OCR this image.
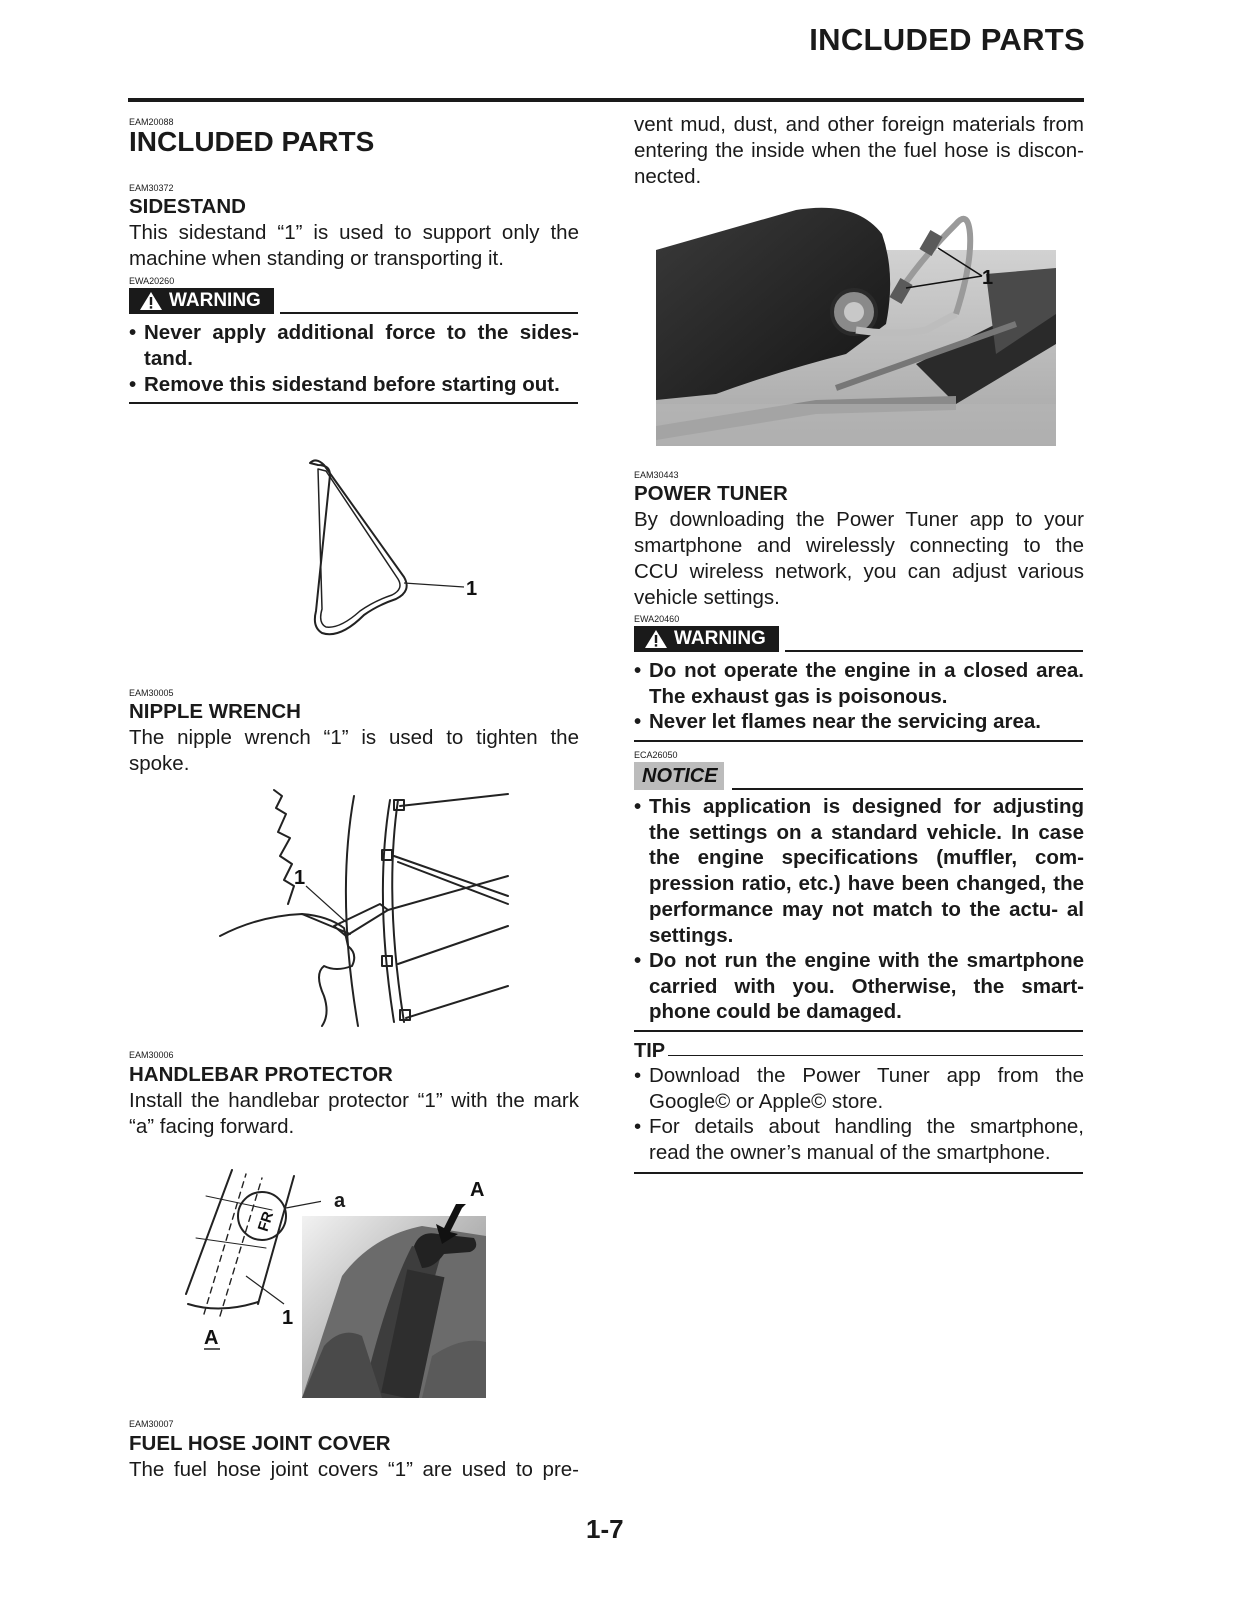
INCLUDED PARTS
EAM20088
INCLUDED PARTS
EAM30372
SIDESTAND
This sidestand “1” is used to support only the machine when standing or transporting it.
EWA20260
WARNING
• Never apply additional force to the sides- tand.
• Remove this sidestand before starting out.
1
EAM30005
NIPPLE WRENCH
The nipple wrench “1” is used to tighten the spoke.
1
EAM30006
HANDLEBAR PROTECTOR
Install the handlebar protector “1” with the mark “a” facing forward.
FR
1
A
a	A
EAM30007
FUEL HOSE JOINT COVER
The fuel hose joint covers “1” are used to pre-
vent mud, dust, and other foreign materials from entering the inside when the fuel hose is discon- nected.
1
EAM30443
POWER TUNER
By downloading the Power Tuner app to your smartphone and wirelessly connecting to the CCU wireless network, you can adjust various vehicle settings.
EWA20460
WARNING
• Do not operate the engine in a closed area. The exhaust gas is poisonous.
• Never let flames near the servicing area.
ECA26050
NOTICE
• This application is designed for adjusting the settings on a standard vehicle. In case the engine specifications (muffler, com- pression ratio, etc.) have been changed, the performance may not match to the actu- al settings.
• Do not run the engine with the smartphone carried with you. Otherwise, the smart- phone could be damaged.
TIP
• Download the Power Tuner app from the Google© or Apple© store.
• For details about handling the smartphone, read the owner’s manual of the smartphone.
1-7
